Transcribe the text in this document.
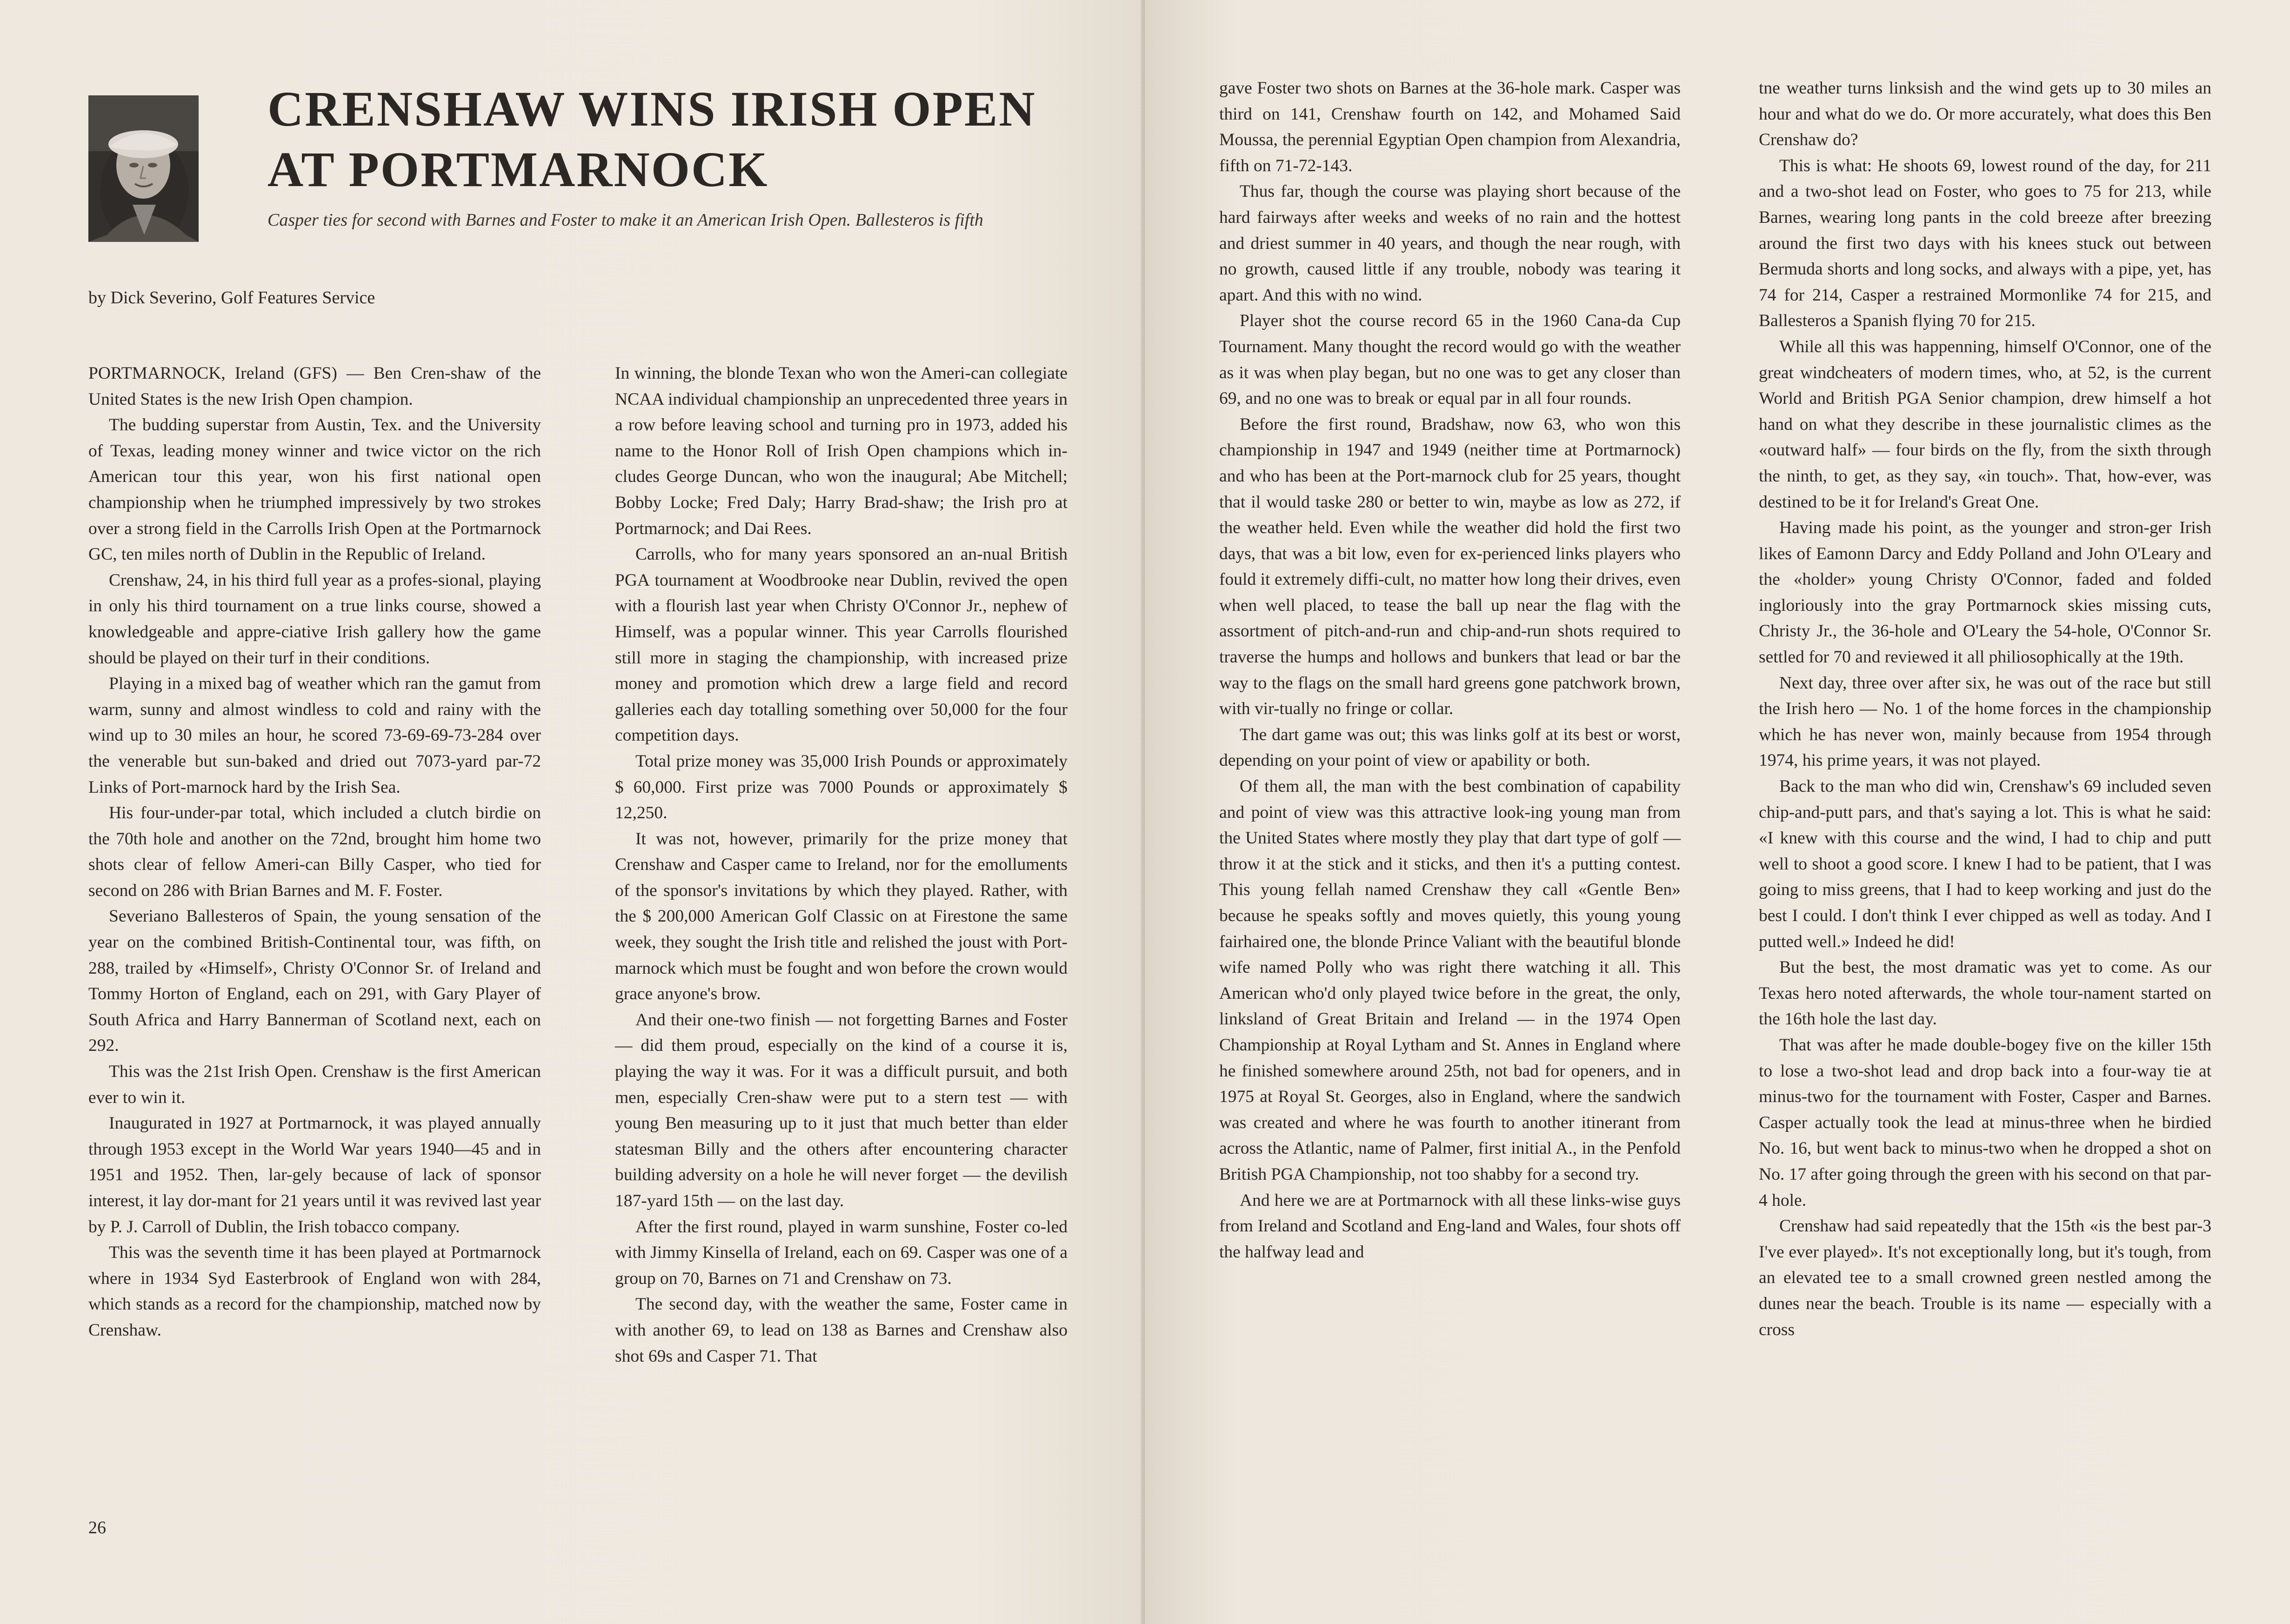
CRENSHAW WINS IRISH OPEN
AT PORTMARNOCK
Casper ties for second with Barnes and Foster to make it an American Irish Open. Ballesteros is fifth
by Dick Severino, Golf Features Service

PORTMARNOCK, Ireland (GFS) — Ben Cren-shaw of the United States is the new Irish Open champion.

The budding superstar from Austin, Tex. and the University of Texas, leading money winner and twice victor on the rich American tour this year, won his first national open championship when he triumphed impressively by two strokes over a strong field in the Carrolls Irish Open at the Portmarnock GC, ten miles north of Dublin in the Republic of Ireland.

Crenshaw, 24, in his third full year as a profes-sional, playing in only his third tournament on a true links course, showed a knowledgeable and appre-ciative Irish gallery how the game should be played on their turf in their conditions.

Playing in a mixed bag of weather which ran the gamut from warm, sunny and almost windless to cold and rainy with the wind up to 30 miles an hour, he scored 73-69-69-73-284 over the venerable but sun-baked and dried out 7073-yard par-72 Links of Port-marnock hard by the Irish Sea.

His four-under-par total, which included a clutch birdie on the 70th hole and another on the 72nd, brought him home two shots clear of fellow Ameri-can Billy Casper, who tied for second on 286 with Brian Barnes and M. F. Foster.

Severiano Ballesteros of Spain, the young sensation of the year on the combined British-Continental tour, was fifth, on 288, trailed by «Himself», Christy O'Connor Sr. of Ireland and Tommy Horton of England, each on 291, with Gary Player of South Africa and Harry Bannerman of Scotland next, each on 292.

This was the 21st Irish Open. Crenshaw is the first American ever to win it.

Inaugurated in 1927 at Portmarnock, it was played annually through 1953 except in the World War years 1940—45 and in 1951 and 1952. Then, lar-gely because of lack of sponsor interest, it lay dor-mant for 21 years until it was revived last year by P. J. Carroll of Dublin, the Irish tobacco company.

This was the seventh time it has been played at Portmarnock where in 1934 Syd Easterbrook of England won with 284, which stands as a record for the championship, matched now by Crenshaw.

In winning, the blonde Texan who won the Ameri-can collegiate NCAA individual championship an unprecedented three years in a row before leaving school and turning pro in 1973, added his name to the Honor Roll of Irish Open champions which in-cludes George Duncan, who won the inaugural; Abe Mitchell; Bobby Locke; Fred Daly; Harry Brad-shaw; the Irish pro at Portmarnock; and Dai Rees.

Carrolls, who for many years sponsored an an-nual British PGA tournament at Woodbrooke near Dublin, revived the open with a flourish last year when Christy O'Connor Jr., nephew of Himself, was a popular winner. This year Carrolls flourished still more in staging the championship, with increased prize money and promotion which drew a large field and record galleries each day totalling something over 50,000 for the four competition days.

Total prize money was 35,000 Irish Pounds or approximately $ 60,000. First prize was 7000 Pounds or approximately $ 12,250.

It was not, however, primarily for the prize money that Crenshaw and Casper came to Ireland, nor for the emolluments of the sponsor's invitations by which they played. Rather, with the $ 200,000 American Golf Classic on at Firestone the same week, they sought the Irish title and relished the joust with Port-marnock which must be fought and won before the crown would grace anyone's brow.

And their one-two finish — not forgetting Barnes and Foster — did them proud, especially on the kind of a course it is, playing the way it was. For it was a difficult pursuit, and both men, especially Cren-shaw were put to a stern test — with young Ben measuring up to it just that much better than elder statesman Billy and the others after encountering character building adversity on a hole he will never forget — the devilish 187-yard 15th — on the last day.

After the first round, played in warm sunshine, Foster co-led with Jimmy Kinsella of Ireland, each on 69. Casper was one of a group on 70, Barnes on 71 and Crenshaw on 73.

The second day, with the weather the same, Foster came in with another 69, to lead on 138 as Barnes and Crenshaw also shot 69s and Casper 71. That

26

gave Foster two shots on Barnes at the 36-hole mark. Casper was third on 141, Crenshaw fourth on 142, and Mohamed Said Moussa, the perennial Egyptian Open champion from Alexandria, fifth on 71-72-143.

Thus far, though the course was playing short because of the hard fairways after weeks and weeks of no rain and the hottest and driest summer in 40 years, and though the near rough, with no growth, caused little if any trouble, nobody was tearing it apart. And this with no wind.

Player shot the course record 65 in the 1960 Cana-da Cup Tournament. Many thought the record would go with the weather as it was when play began, but no one was to get any closer than 69, and no one was to break or equal par in all four rounds.

Before the first round, Bradshaw, now 63, who won this championship in 1947 and 1949 (neither time at Portmarnock) and who has been at the Port-marnock club for 25 years, thought that il would taske 280 or better to win, maybe as low as 272, if the weather held. Even while the weather did hold the first two days, that was a bit low, even for ex-perienced links players who fould it extremely diffi-cult, no matter how long their drives, even when well placed, to tease the ball up near the flag with the assortment of pitch-and-run and chip-and-run shots required to traverse the humps and hollows and bunkers that lead or bar the way to the flags on the small hard greens gone patchwork brown, with vir-tually no fringe or collar.

The dart game was out; this was links golf at its best or worst, depending on your point of view or apability or both.

Of them all, the man with the best combination of capability and point of view was this attractive look-ing young man from the United States where mostly they play that dart type of golf — throw it at the stick and it sticks, and then it's a putting contest. This young fellah named Crenshaw they call «Gentle Ben» because he speaks softly and moves quietly, this young young fairhaired one, the blonde Prince Valiant with the beautiful blonde wife named Polly who was right there watching it all. This American who'd only played twice before in the great, the only, linksland of Great Britain and Ireland — in the 1974 Open Championship at Royal Lytham and St. Annes in England where he finished somewhere around 25th, not bad for openers, and in 1975 at Royal St. Georges, also in England, where the sandwich was created and where he was fourth to another itinerant from across the Atlantic, name of Palmer, first initial A., in the Penfold British PGA Championship, not too shabby for a second try.

And here we are at Portmarnock with all these links-wise guys from Ireland and Scotland and Eng-land and Wales, four shots off the halfway lead and

tne weather turns linksish and the wind gets up to 30 miles an hour and what do we do. Or more accurately, what does this Ben Crenshaw do?

This is what: He shoots 69, lowest round of the day, for 211 and a two-shot lead on Foster, who goes to 75 for 213, while Barnes, wearing long pants in the cold breeze after breezing around the first two days with his knees stuck out between Bermuda shorts and long socks, and always with a pipe, yet, has 74 for 214, Casper a restrained Mormonlike 74 for 215, and Ballesteros a Spanish flying 70 for 215.

While all this was happenning, himself O'Connor, one of the great windcheaters of modern times, who, at 52, is the current World and British PGA Senior champion, drew himself a hot hand on what they describe in these journalistic climes as the «outward half» — four birds on the fly, from the sixth through the ninth, to get, as they say, «in touch». That, how-ever, was destined to be it for Ireland's Great One.

Having made his point, as the younger and stron-ger Irish likes of Eamonn Darcy and Eddy Polland and John O'Leary and the «holder» young Christy O'Connor, faded and folded ingloriously into the gray Portmarnock skies missing cuts, Christy Jr., the 36-hole and O'Leary the 54-hole, O'Connor Sr. settled for 70 and reviewed it all philiosophically at the 19th.

Next day, three over after six, he was out of the race but still the Irish hero — No. 1 of the home forces in the championship which he has never won, mainly because from 1954 through 1974, his prime years, it was not played.

Back to the man who did win, Crenshaw's 69 included seven chip-and-putt pars, and that's saying a lot. This is what he said: «I knew with this course and the wind, I had to chip and putt well to shoot a good score. I knew I had to be patient, that I was going to miss greens, that I had to keep working and just do the best I could. I don't think I ever chipped as well as today. And I putted well.» Indeed he did!

But the best, the most dramatic was yet to come. As our Texas hero noted afterwards, the whole tour-nament started on the 16th hole the last day.

That was after he made double-bogey five on the killer 15th to lose a two-shot lead and drop back into a four-way tie at minus-two for the tournament with Foster, Casper and Barnes. Casper actually took the lead at minus-three when he birdied No. 16, but went back to minus-two when he dropped a shot on No. 17 after going through the green with his second on that par-4 hole.

Crenshaw had said repeatedly that the 15th «is the best par-3 I've ever played». It's not exceptionally long, but it's tough, from an elevated tee to a small crowned green nestled among the dunes near the beach. Trouble is its name — especially with a cross
